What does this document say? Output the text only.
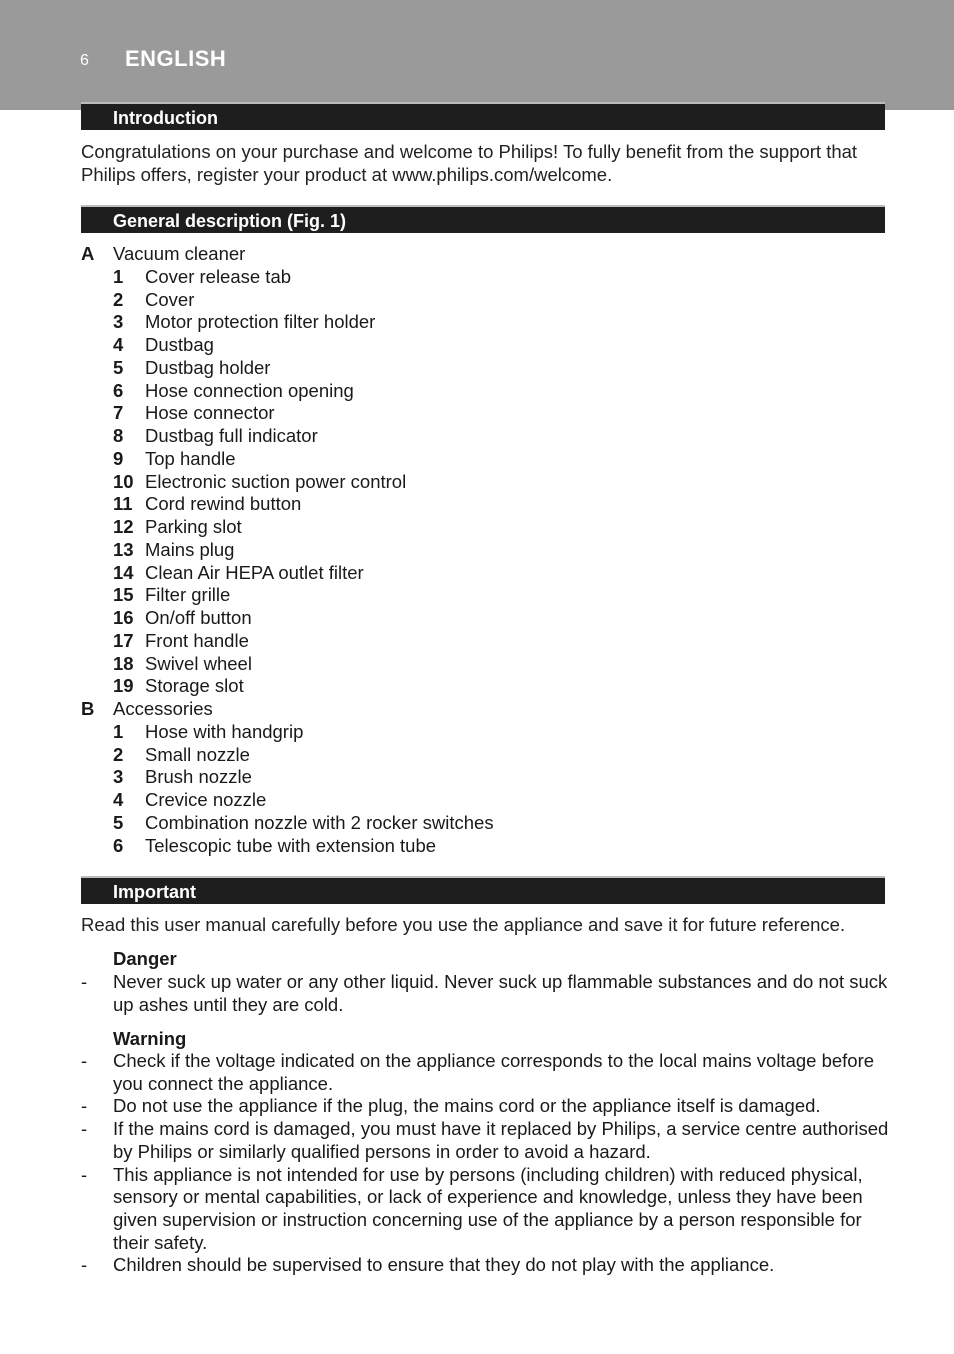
6 ENGLISH
Introduction
Congratulations on your purchase and welcome to Philips! To fully benefit from the support that Philips offers, register your product at www.philips.com/welcome.
General description (Fig. 1)
A Vacuum cleaner
1 Cover release tab
2 Cover
3 Motor protection filter holder
4 Dustbag
5 Dustbag holder
6 Hose connection opening
7 Hose connector
8 Dustbag full indicator
9 Top handle
10 Electronic suction power control
11 Cord rewind button
12 Parking slot
13 Mains plug
14 Clean Air HEPA outlet filter
15 Filter grille
16 On/off button
17 Front handle
18 Swivel wheel
19 Storage slot
B Accessories
1 Hose with handgrip
2 Small nozzle
3 Brush nozzle
4 Crevice nozzle
5 Combination nozzle with 2 rocker switches
6 Telescopic tube with extension tube
Important
Read this user manual carefully before you use the appliance and save it for future reference.
Danger
- Never suck up water or any other liquid. Never suck up flammable substances and do not suck up ashes until they are cold.
Warning
- Check if the voltage indicated on the appliance corresponds to the local mains voltage before you connect the appliance.
- Do not use the appliance if the plug, the mains cord or the appliance itself is damaged.
- If the mains cord is damaged, you must have it replaced by Philips, a service centre authorised by Philips or similarly qualified persons in order to avoid a hazard.
- This appliance is not intended for use by persons (including children) with reduced physical, sensory or mental capabilities, or lack of experience and knowledge, unless they have been given supervision or instruction concerning use of the appliance by a person responsible for their safety.
- Children should be supervised to ensure that they do not play with the appliance.
